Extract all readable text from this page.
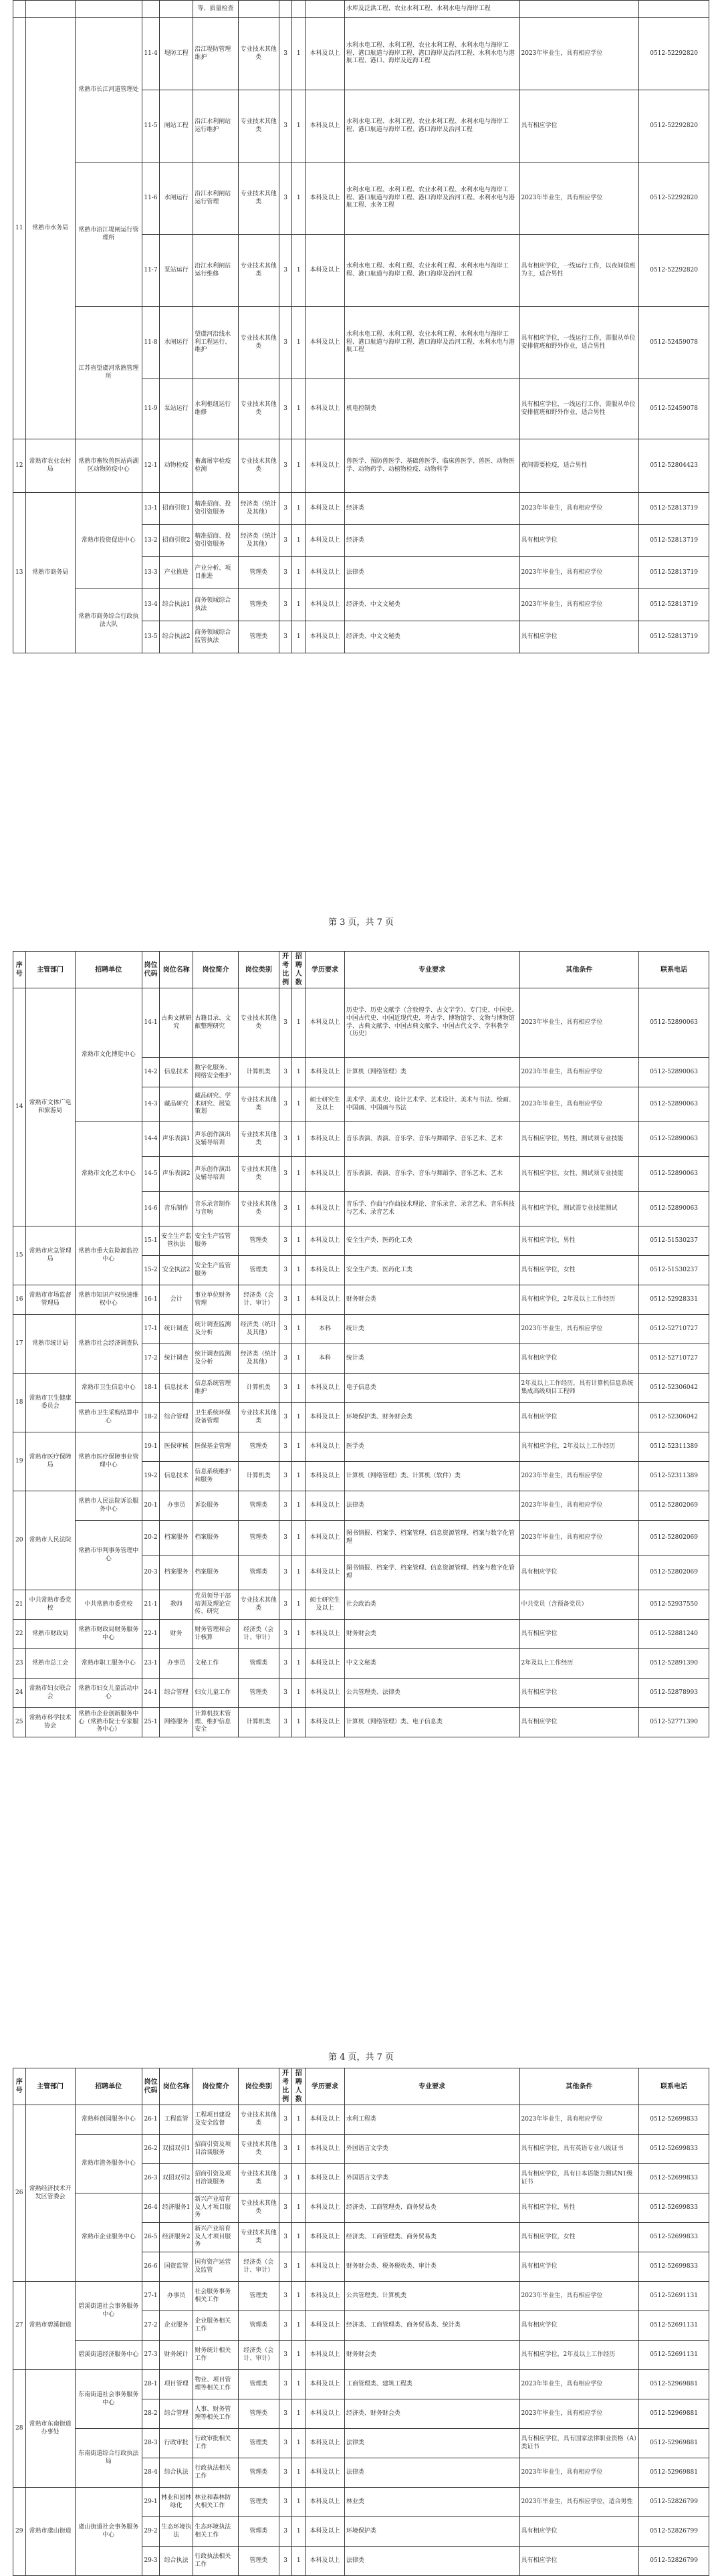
					等、质量检查					水库及泛洪工程、农业水利工程、水利水电与海岸工程		
11	常熟市水务局	常熟市长江河道管理处	11-4	堤防工程	沿江堤防管理维护	专业技术其他类	3	1	本科及以上	水利水电工程、水利工程、农业水利工程、水利水电与海岸工程、港口航道与海岸工程、港口海岸及治河工程、水利水电与港航工程、港口、海岸及近海工程	2023年毕业生，具有相应学位	0512-52292820
			11-5	闸站工程	沿江水利闸站运行维护	专业技术其他类	3	1	本科及以上	水利水电工程、水利工程、农业水利工程、水利水电与海岸工程、港口航道与海岸工程、港口海岸及治河工程	具有相应学位	0512-52292820
		常熟市沿江堤闸运行管理所	11-6	水闸运行	沿江水利闸站运行管理	专业技术其他类	3	1	本科及以上	水利水电工程、水利工程、农业水利工程、水利水电与海岸工程、港口航道与海岸工程、港口海岸及治河工程、水利水电与港航工程、水务工程	2023年毕业生，具有相应学位	0512-52292820
			11-7	泵站运行	沿江水利闸站运行维修	专业技术其他类	3	1	本科及以上	水利水电工程、水利工程、农业水利工程、水利水电与海岸工程、港口航道与海岸工程、港口海岸及治河工程	具有相应学位，一线运行工作，以夜间值班为主，适合男性	0512-52292820
		江苏省望虞河常熟管理所	11-8	水闸运行	望虞河沿线水利工程运行、维护	专业技术其他类	3	1	本科及以上	水利水电工程、水利工程、农业水利工程、水利水电与海岸工程、港口航道与海岸工程、港口海岸及治河工程、水利水电与港航工程	具有相应学位，一线运行工作，需服从单位安排值班和野外作业，适合男性	0512-52459078
			11-9	泵站运行	水利枢纽运行维修	专业技术其他类	3	1	本科及以上	机电控制类	具有相应学位，一线运行工作，需服从单位安排值班和野外作业，适合男性	0512-52459078
12	常熟市农业农村局	常熟市畜牧兽医站尚湖区动物防疫中心	12-1	动物检疫	畜禽屠宰检疫检测	专业技术其他类	3	1	本科及以上	兽医学、预防兽医学、基础兽医学、临床兽医学、兽医、动物医学、动物药学、动植物检疫、动物科学	夜间需要检疫，适合男性	0512-52804423
13	常熟市商务局	常熟市投资促进中心	13-1	招商引资1	精准招商、投资引资服务	经济类（统计及其他）	3	1	本科及以上	经济类	2023年毕业生，具有相应学位	0512-52813719
			13-2	招商引资2	精准招商、投资引资服务	经济类（统计及其他）	3	1	本科及以上	经济类	具有相应学位	0512-52813719
			13-3	产业推进	产业分析、项目推进	管理类	3	1	本科及以上	法律类	2023年毕业生，具有相应学位	0512-52813719
		常熟市商务综合行政执法大队	13-4	综合执法1	商务领域综合执法	管理类	3	1	本科及以上	经济类、中文文秘类	2023年毕业生，具有相应学位	0512-52813719
			13-5	综合执法2	商务领域综合监管执法	管理类	3	1	本科及以上	经济类、中文文秘类	具有相应学位	0512-52813719
第 3 页，共 7 页
序号	主管部门	招聘单位	岗位代码	岗位名称	岗位简介	岗位类别	开考比例	招聘人数	学历要求	专业要求	其他条件	联系电话
14	常熟市文体广电和旅游局	常熟市文化博览中心	14-1	古典文献研究	古籍目录、文献整理研究	专业技术其他类	3	1	本科及以上	历史学、历史文献学（含敦煌学、古文字学）、专门史、中国史、中国古代史、中国近现代史、考古学、博物馆学、文物与博物馆学、古典文献学、中国古典文献学、中国古代文学、学科教学（历史）	2023年毕业生，具有相应学位	0512-52890063
			14-2	信息技术	数字化服务、网络安全维护	计算机类	3	1	本科及以上	计算机（网络管理）类	2023年毕业生，具有相应学位	0512-52890063
			14-3	藏品研究	藏品研究、学术研究、展览策划	专业技术其他类	3	1	硕士研究生及以上	美术学、美术史、设计艺术学、艺术设计、美术与书法、绘画、中国画、中国画与书法	2023年毕业生，具有相应学位	0512-52890063
		常熟市文化艺术中心	14-4	声乐表演1	声乐创作演出及辅导培训	专业技术其他类	3	1	本科及以上	音乐表演、表演、音乐学、音乐与舞蹈学、音乐艺术、艺术	具有相应学位，男性，测试须专业技能	0512-52890063
			14-5	声乐表演2	声乐创作演出及辅导培训	专业技术其他类	3	1	本科及以上	音乐表演、表演、音乐学、音乐与舞蹈学、音乐艺术、艺术	具有相应学位，女性，测试须专业技能	0512-52890063
			14-6	音乐制作	音乐录音制作与音响	专业技术其他类	3	1	本科及以上	音乐学、作曲与作曲技术理论、音乐录音、录音艺术、音乐科技与艺术、录音艺术	具有相应学位，测试需专业技能测试	0512-52890063
15	常熟市应急管理局	常熟市重大危险源监控中心	15-1	安全生产监管执法	安全生产监管服务	管理类	3	1	本科及以上	安全生产类、医药化工类	具有相应学位，男性	0512-51530237
			15-2	安全执法2	安全生产监管服务	管理类	3	1	本科及以上	安全生产类、医药化工类	具有相应学位，女性	0512-51530237
16	常熟市市场监督管理局	常熟市知识产权快速维权中心	16-1	会计	事业单位财务管理	经济类（会计、审计）	3	1	本科及以上	财务财会类	具有相应学位，2年及以上工作经历	0512-52928331
17	常熟市统计局	常熟市社会经济调查队	17-1	统计调查	统计调查监测及分析	经济类（统计及其他）	3	1	本科	统计类	2023年毕业生，具有相应学位	0512-52710727
			17-2	统计调查	统计调查监测及分析	经济类（统计及其他）	3	1	本科	统计类	具有相应学位	0512-52710727
18	常熟市卫生健康委员会	常熟市卫生信息中心	18-1	信息技术	信息系统管理维护	计算机类	3	1	本科及以上	电子信息类	2年及以上工作经历，具有计算机信息系统集成高级项目工程师	0512-52306042
		常熟市卫生采购结算中心	18-2	综合管理	卫生系统环保设备管理	专业技术其他类	3	1	本科及以上	环境保护类、财务财会类	具有相应学位	0512-52306042
19	常熟市医疗保障局	常熟市医疗保障事业管理中心	19-1	医保审核	医保基金管理	管理类	3	1	本科及以上	医学类	具有相应学位，2年及以上工作经历	0512-52311389
			19-2	信息技术	信息系统维护和服务	计算机类	3	1	本科及以上	计算机（网络管理）类、计算机（软件）类	2023年毕业生，具有相应学位	0512-52311389
20	常熟市人民法院	常熟市人民法院诉讼服务中心	20-1	办事员	诉讼服务	管理类	3	1	本科及以上	法律类	2023年毕业生，具有相应学位	0512-52802069
		常熟市审判事务管理中心	20-2	档案服务	档案服务	管理类	3	1	本科及以上	图书情报、档案学、档案管理、信息资源管理、档案与数字化管理	2023年毕业生，具有相应学位	0512-52802069
			20-3	档案服务	档案服务	管理类	3	1	本科及以上	图书情报、档案学、档案管理、信息资源管理、档案与数字化管理	具有相应学位	0512-52802069
21	中共常熟市委党校	中共常熟市委党校	21-1	教师	党员领导干部培训及理论宣传、研究	专业技术其他类	3	1	硕士研究生及以上	社会政治类	中共党员（含预备党员）	0512-52937550
22	常熟市财政局	常熟市财政局财务服务中心	22-1	财务	财务管理和会计核算	经济类（会计、审计）	3	1	本科及以上	财务财会类	具有相应学位	0512-52881240
23	常熟市总工会	常熟市职工服务中心	23-1	办事员	文秘工作	管理类	3	1	本科及以上	中文文秘类	2年及以上工作经历	0512-52891390
24	常熟市妇女联合会	常熟市妇女儿童活动中心	24-1	综合管理	妇女儿童工作	管理类	3	1	本科及以上	公共管理类、法律类	具有相应学位	0512-52878993
25	常熟市科学技术协会	常熟市企业创新服务中心（常熟市院士专家服务中心）	25-1	网络服务	计算机技术管理、维护信息安全	计算机类	3	1	本科及以上	计算机（网络管理）类、电子信息类	具有相应学位	0512-52771390
第 4 页，共 7 页
序号	主管部门	招聘单位	岗位代码	岗位名称	岗位简介	岗位类别	开考比例	招聘人数	学历要求	专业要求	其他条件	联系电话
26	常熟经济技术开发区管委会	常熟科创园服务中心	26-1	工程监管	工程项目建设及安全监督	专业技术其他类	3	1	本科及以上	水利工程类	2023年毕业生，具有相应学位	0512-52699833
		常熟市港务服务中心	26-2	双招双引1	招商引资及项目洽谈服务	专业技术其他类	3	1	本科及以上	外国语言文学类	具有相应学位，具有英语专业八级证书	0512-52699833
			26-3	双招双引2	招商引资及项目洽谈服务	专业技术其他类	3	1	本科及以上	外国语言文学类	具有相应学位，具有日本语能力测试N1级证书	0512-52699833
		常熟市企业服务中心	26-4	经济服务1	新兴产业培育及人才项目服务	专业技术其他类	3	1	本科及以上	经济类、工商管理类、商务贸易类	具有相应学位，男性	0512-52699833
			26-5	经济服务2	新兴产业培育及人才项目服务	专业技术其他类	3	1	本科及以上	经济类、工商管理类、商务贸易类	具有相应学位，女性	0512-52699833
			26-6	国资监管	国有资产运营及监管	经济类（会计、审计）	3	1	本科及以上	财务财会类、税务税收类、审计类	具有相应学位	0512-52699833
27	常熟市碧溪街道	碧溪街道社会事务服务中心	27-1	办事员	社会服务事务相关工作	管理类	3	1	本科及以上	公共管理类、计算机类	2023年毕业生，具有相应学位	0512-52691131
			27-2	企业服务	企业服务相关工作	管理类	3	1	本科及以上	经济类、工商管理类、商务贸易类、统计类	具有相应学位	0512-52691131
		碧溪街道经济服务中心	27-3	财务统计	财务统计相关工作	经济类（会计、审计）	3	1	本科及以上	财务财会类	具有相应学位，2年及以上工作经历	0512-52691131
28	常熟市东南街道办事处	东南街道社会事务服务中心	28-1	项目管理	物业、项目管理等相关工作	管理类	3	1	本科及以上	工商管理类、建筑工程类	2023年毕业生，具有相应学位	0512-52969881
			28-2	综合管理	人事、财务管理等相关工作	管理类	3	1	本科及以上	经济类、财务财会类	2023年毕业生，具有相应学位	0512-52969881
		东南街道综合行政执法局	28-3	行政审批	行政审批相关工作	管理类	3	1	本科及以上	法律类	具有相应学位，具有国家法律职业资格（A）类证书	0512-52969881
			28-4	综合执法	行政执法相关工作	管理类	3	1	本科及以上	法律类	2023年毕业生，具有相应学位	0512-52969881
29	常熟市虞山街道	虞山街道社会事务服务中心	29-1	林业和园林绿化	林业和森林防火相关工作	管理类	3	1	本科及以上	林业类	2023年毕业生，具有相应学位，适合男性	0512-52826799
			29-2	生态环境执法	生态环境执法相关工作	管理类	3	1	本科及以上	环境保护类	具有相应学位	0512-52826799
			29-3	综合执法	行政执法相关工作	管理类	3	1	本科及以上	法律类	具有相应学位	0512-52826799
